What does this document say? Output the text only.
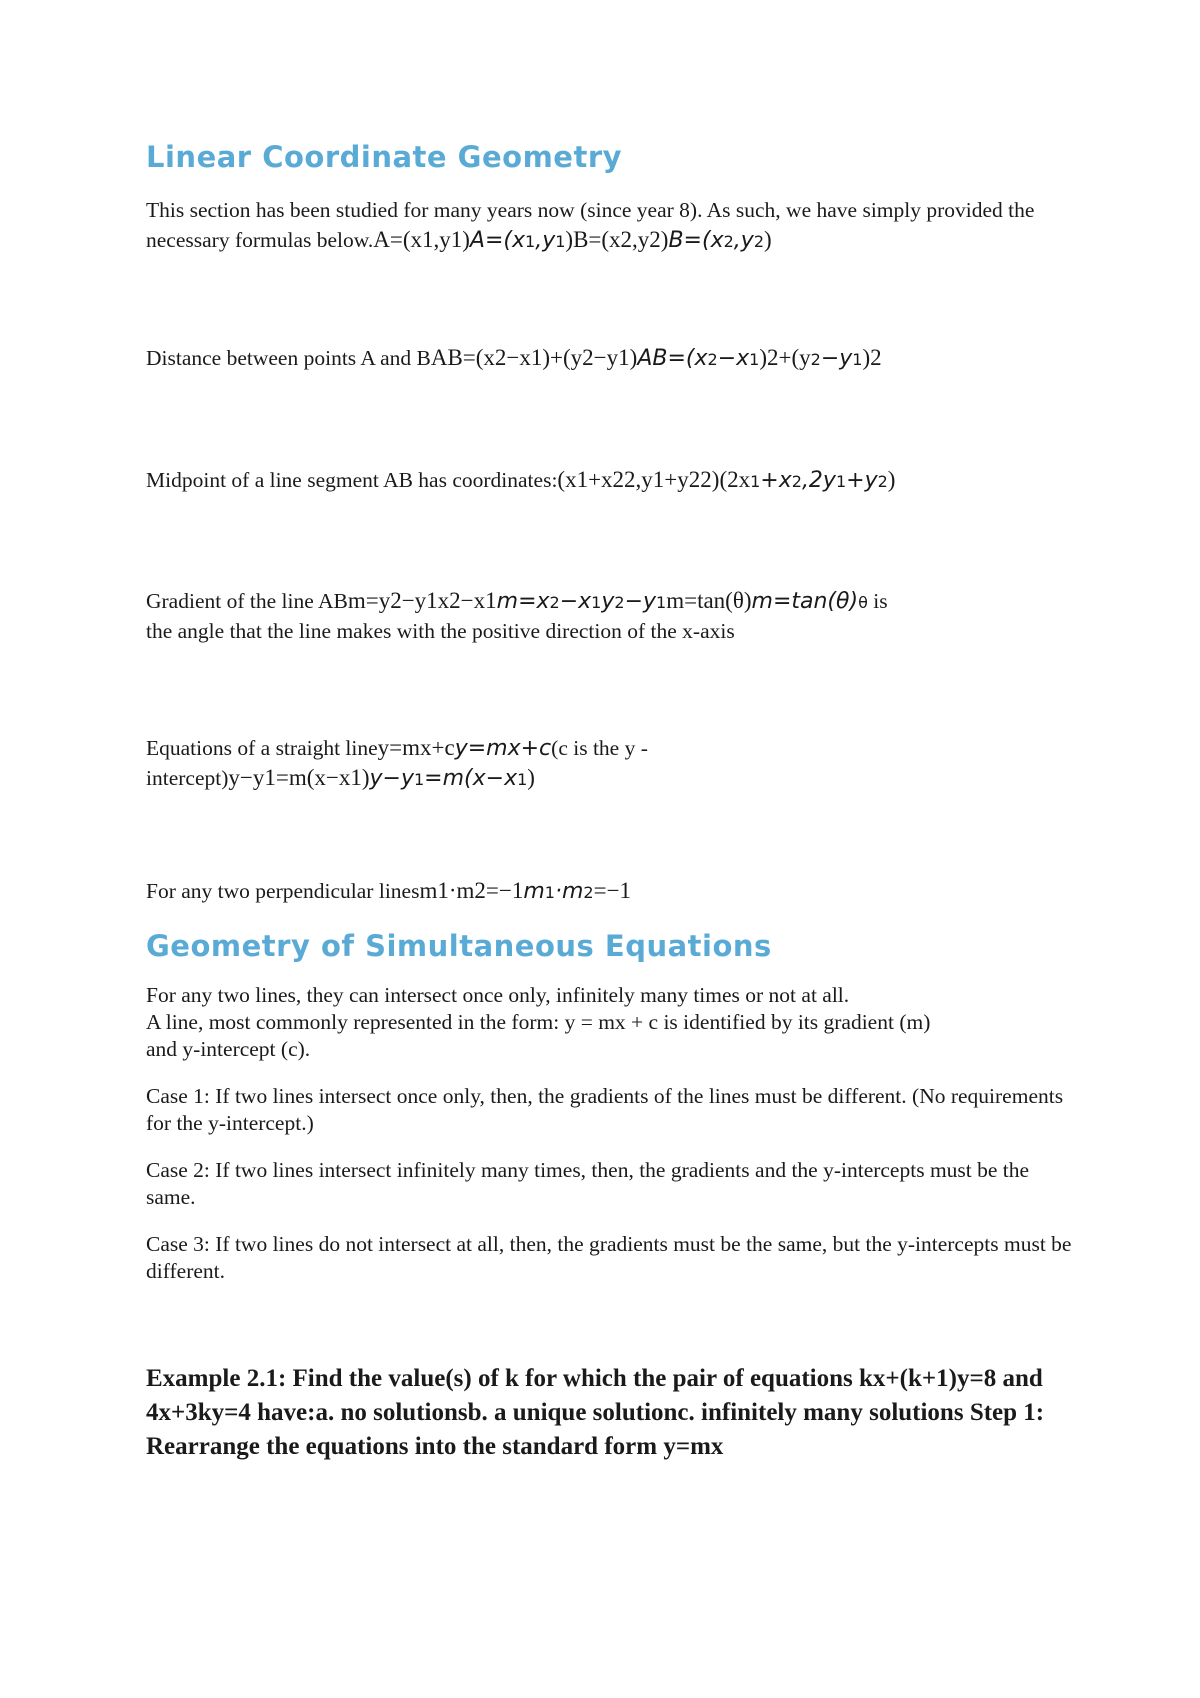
Linear Coordinate Geometry

This section has been studied for many years now (since year 8). As such, we have simply provided the necessary formulas below.A=(x1,y1)A=(x1,y1)B=(x2,y2)B=(x2,y2)

Distance between points A and BAB=(x2−x1)+(y2−y1)AB=(x2−x1)2+(y2−y1)2

Midpoint of a line segment AB has coordinates:(x1+x22,y1+y22)(2x1+x2,2y1+y2)

Gradient of the line ABm=y2−y1x2−x1m=x2−x1y2−y1m=tan(θ)m=tan(θ)θ is
the angle that the line makes with the positive direction of the x-axis

Equations of a straight liney=mx+cy=mx+c(c is the y -
intercept)y−y1=m(x−x1)y−y1=m(x−x1)

For any two perpendicular linesm1·m2=−1m1·m2=−1

Geometry of Simultaneous Equations

For any two lines, they can intersect once only, infinitely many times or not at all.
A line, most commonly represented in the form: y = mx + c is identified by its gradient (m)
and y-intercept (c).

Case 1: If two lines intersect once only, then, the gradients of the lines must be different. (No requirements for the y-intercept.)

Case 2: If two lines intersect infinitely many times, then, the gradients and the y-intercepts must be the same.

Case 3: If two lines do not intersect at all, then, the gradients must be the same, but the y-intercepts must be different.

Example 2.1: Find the value(s) of k for which the pair of equations kx+(k+1)y=8 and 4x+3ky=4 have:a. no solutionsb. a unique solutionc. infinitely many solutions Step 1: Rearrange the equations into the standard form y=mx
